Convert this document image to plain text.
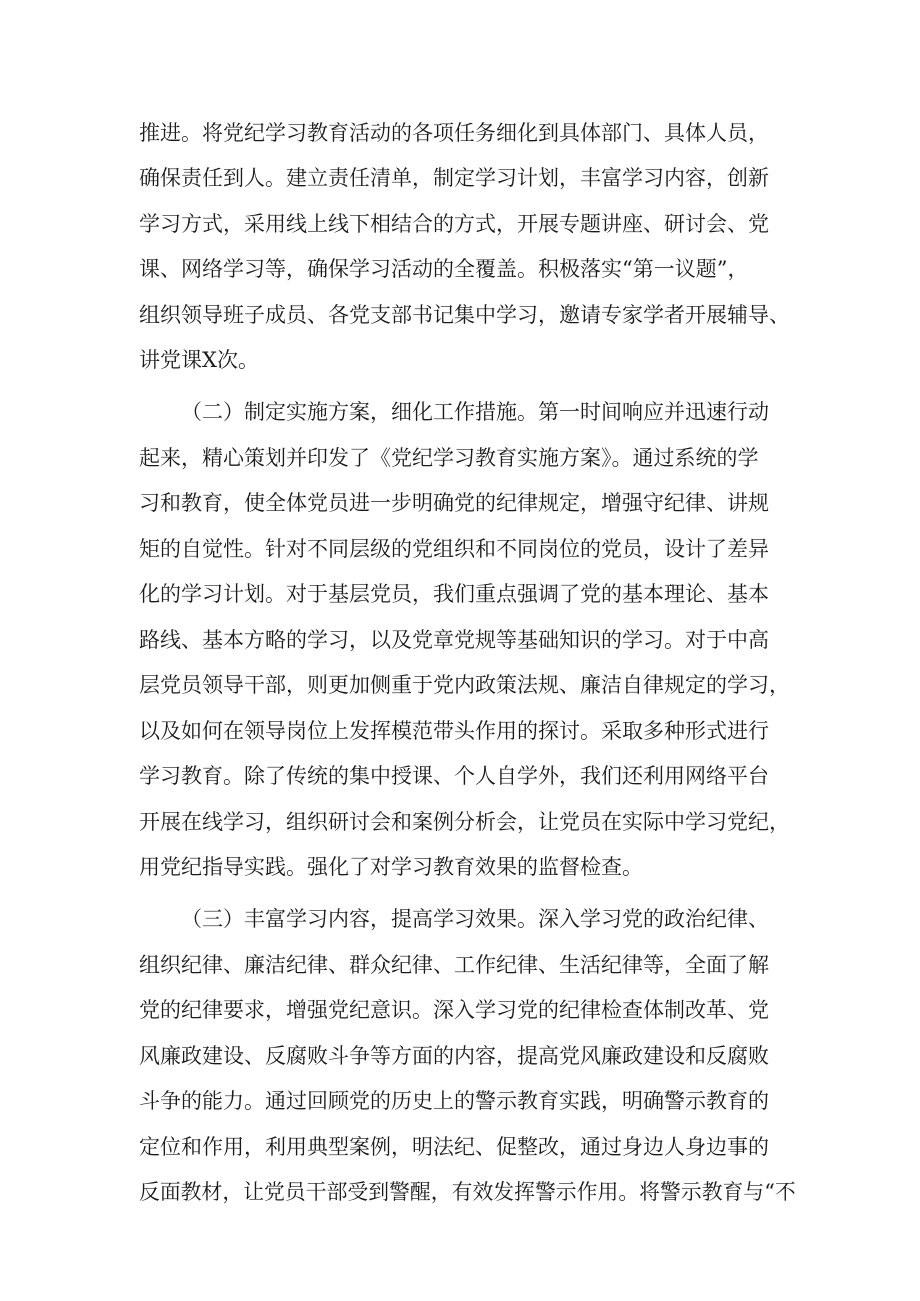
推进。将党纪学习教育活动的各项任务细化到具体部门、具体人员，
确保责任到人。建立责任清单，制定学习计划，丰富学习内容，创新
学习方式，采用线上线下相结合的方式，开展专题讲座、研讨会、党
课、网络学习等，确保学习活动的全覆盖。积极落实“第一议题”，
组织领导班子成员、各党支部书记集中学习，邀请专家学者开展辅导、
讲党课X次。
（二）制定实施方案，细化工作措施。第一时间响应并迅速行动
起来，精心策划并印发了《党纪学习教育实施方案》。通过系统的学
习和教育，使全体党员进一步明确党的纪律规定，增强守纪律、讲规
矩的自觉性。针对不同层级的党组织和不同岗位的党员，设计了差异
化的学习计划。对于基层党员，我们重点强调了党的基本理论、基本
路线、基本方略的学习，以及党章党规等基础知识的学习。对于中高
层党员领导干部，则更加侧重于党内政策法规、廉洁自律规定的学习，
以及如何在领导岗位上发挥模范带头作用的探讨。采取多种形式进行
学习教育。除了传统的集中授课、个人自学外，我们还利用网络平台
开展在线学习，组织研讨会和案例分析会，让党员在实际中学习党纪，
用党纪指导实践。强化了对学习教育效果的监督检查。
（三）丰富学习内容，提高学习效果。深入学习党的政治纪律、
组织纪律、廉洁纪律、群众纪律、工作纪律、生活纪律等，全面了解
党的纪律要求，增强党纪意识。深入学习党的纪律检查体制改革、党
风廉政建设、反腐败斗争等方面的内容，提高党风廉政建设和反腐败
斗争的能力。通过回顾党的历史上的警示教育实践，明确警示教育的
定位和作用，利用典型案例，明法纪、促整改，通过身边人身边事的
反面教材，让党员干部受到警醒，有效发挥警示作用。将警示教育与“不
